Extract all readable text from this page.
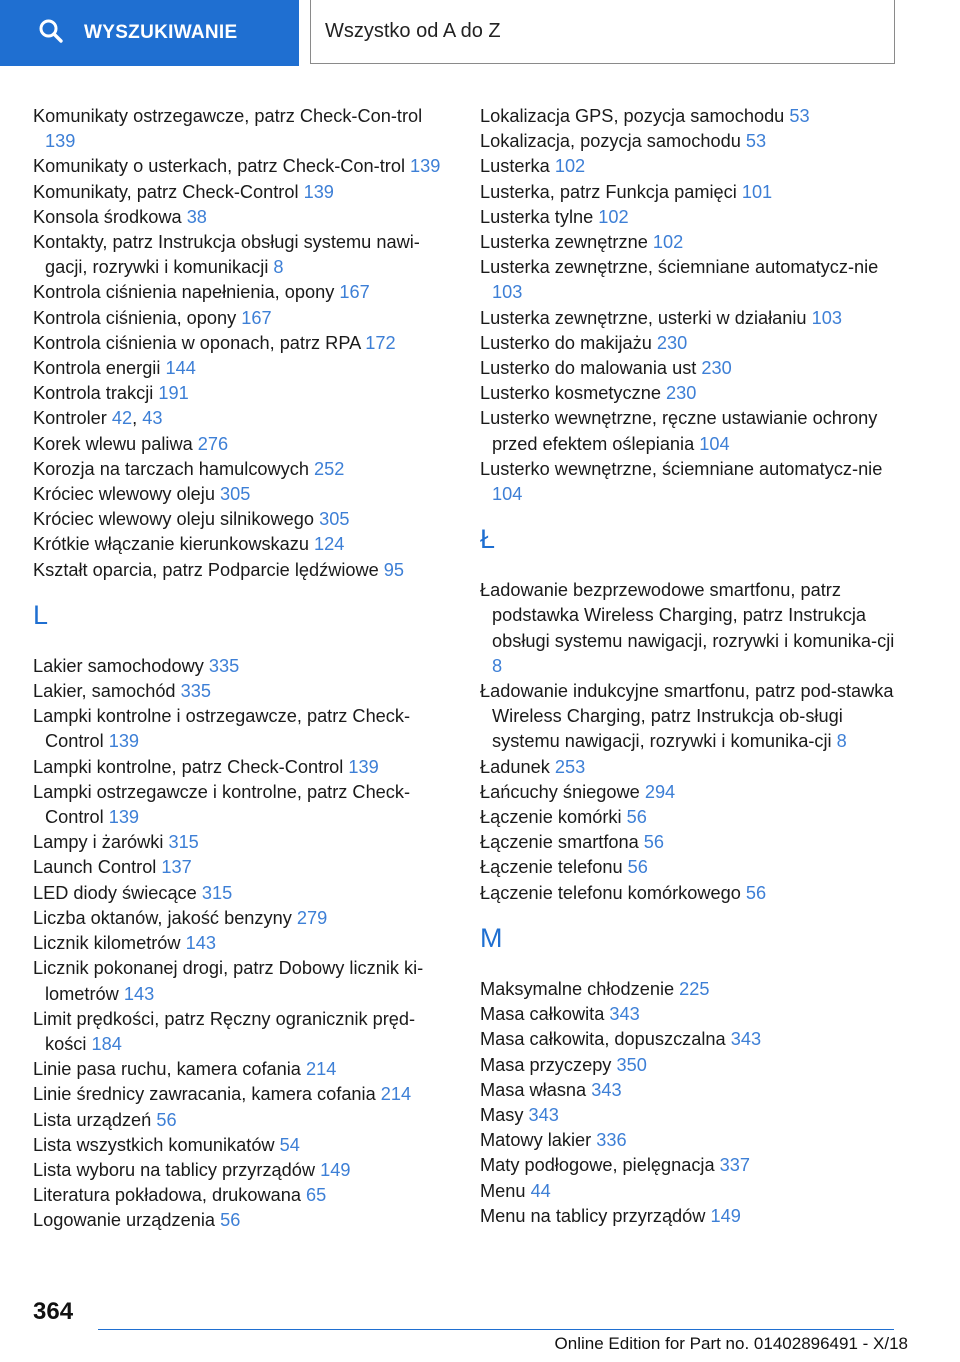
WYSZUKIWANIE	Wszystko od A do Z
Komunikaty ostrzegawcze, patrz Check-Con-trol 139
Komunikaty o usterkach, patrz Check-Con-trol 139
Komunikaty, patrz Check-Control 139
Konsola środkowa 38
Kontakty, patrz Instrukcja obsługi systemu nawi-gacji, rozrywki i komunikacji 8
Kontrola ciśnienia napełnienia, opony 167
Kontrola ciśnienia, opony 167
Kontrola ciśnienia w oponach, patrz RPA 172
Kontrola energii 144
Kontrola trakcji 191
Kontroler 42, 43
Korek wlewu paliwa 276
Korozja na tarczach hamulcowych 252
Króciec wlewowy oleju 305
Króciec wlewowy oleju silnikowego 305
Krótkie włączanie kierunkowskazu 124
Kształt oparcia, patrz Podparcie lędźwiowe 95
L
Lakier samochodowy 335
Lakier, samochód 335
Lampki kontrolne i ostrzegawcze, patrz Check-Control 139
Lampki kontrolne, patrz Check-Control 139
Lampki ostrzegawcze i kontrolne, patrz Check-Control 139
Lampy i żarówki 315
Launch Control 137
LED diody świecące 315
Liczba oktanów, jakość benzyny 279
Licznik kilometrów 143
Licznik pokonanej drogi, patrz Dobowy licznik ki-lometrów 143
Limit prędkości, patrz Ręczny ogranicznik pręd-kości 184
Linie pasa ruchu, kamera cofania 214
Linie średnicy zawracania, kamera cofania 214
Lista urządzeń 56
Lista wszystkich komunikatów 54
Lista wyboru na tablicy przyrządów 149
Literatura pokładowa, drukowana 65
Logowanie urządzenia 56
Lokalizacja GPS, pozycja samochodu 53
Lokalizacja, pozycja samochodu 53
Lusterka 102
Lusterka, patrz Funkcja pamięci 101
Lusterka tylne 102
Lusterka zewnętrzne 102
Lusterka zewnętrzne, ściemniane automatycz-nie 103
Lusterka zewnętrzne, usterki w działaniu 103
Lusterko do makijażu 230
Lusterko do malowania ust 230
Lusterko kosmetyczne 230
Lusterko wewnętrzne, ręczne ustawianie ochrony przed efektem oślepiania 104
Lusterko wewnętrzne, ściemniane automatycz-nie 104
Ł
Ładowanie bezprzewodowe smartfonu, patrz podstawka Wireless Charging, patrz Instrukcja obsługi systemu nawigacji, rozrywki i komunika-cji 8
Ładowanie indukcyjne smartfonu, patrz pod-stawka Wireless Charging, patrz Instrukcja ob-sługi systemu nawigacji, rozrywki i komunika-cji 8
Ładunek 253
Łańcuchy śniegowe 294
Łączenie komórki 56
Łączenie smartfona 56
Łączenie telefonu 56
Łączenie telefonu komórkowego 56
M
Maksymalne chłodzenie 225
Masa całkowita 343
Masa całkowita, dopuszczalna 343
Masa przyczepy 350
Masa własna 343
Masy 343
Matowy lakier 336
Maty podłogowe, pielęgnacja 337
Menu 44
Menu na tablicy przyrządów 149
364
Online Edition for Part no. 01402896491 - X/18
